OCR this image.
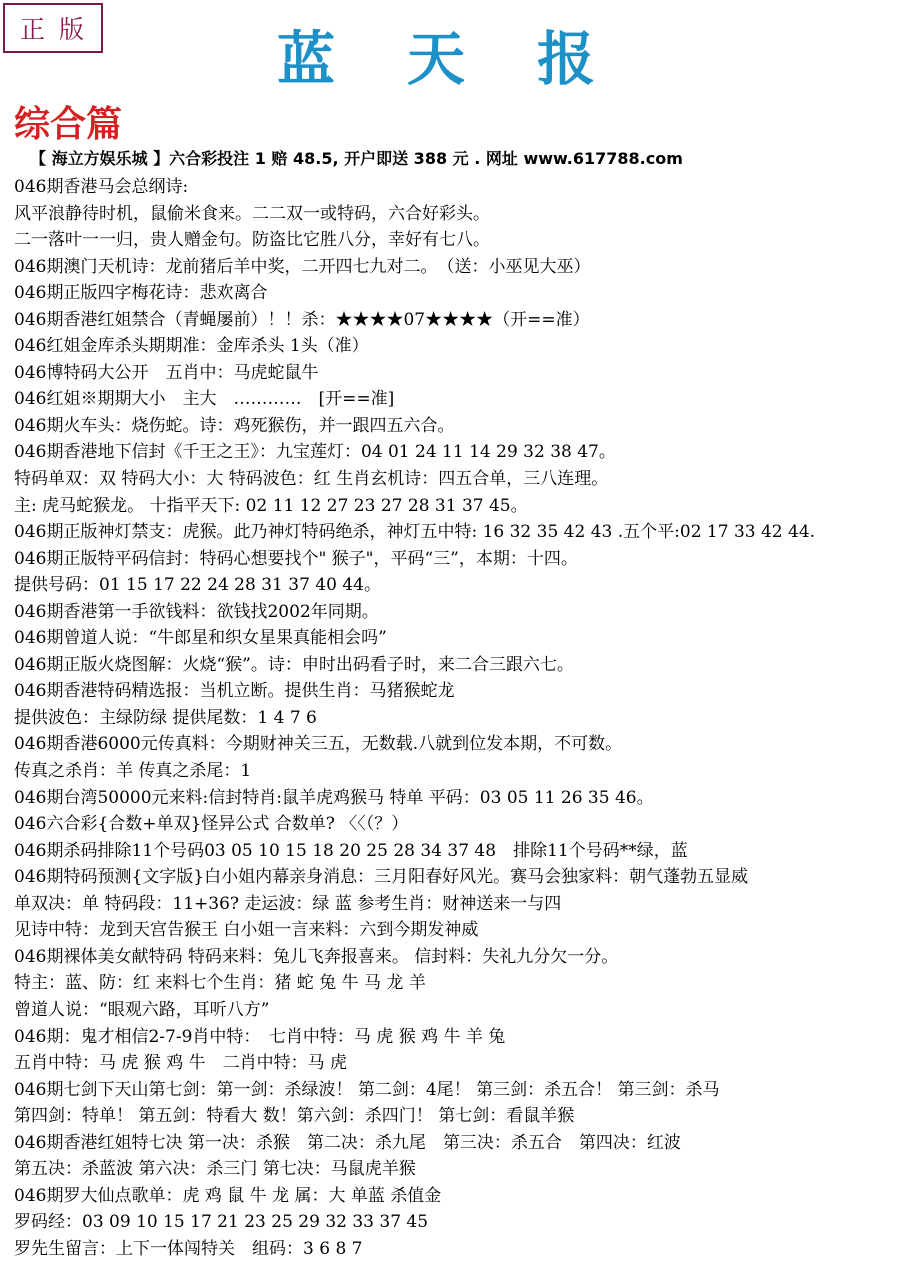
正版	蓝天报
综合篇
【 海立方娱乐城 】六合彩投注 1 赔 48.5, 开户即送 388 元 . 网址 www.617788.com
046期香港马会总纲诗:
风平浪静待时机，鼠偷米食来。二二双一或特码，六合好彩头。
二一落叶一一归，贵人赠金句。防盗比它胜八分，幸好有七八。
046期澳门天机诗：龙前猪后羊中奖，二开四七九对二。　（送：小巫见大巫）
046期正版四字梅花诗：悲欢离合
046期香港红姐禁合（青蝇屡前）！！杀：★★★★07★★★★（开==准）
046红姐金库杀头期期准：金库杀头 1头（准）
046博特码大公开　五肖中：马虎蛇鼠牛
046红姐※期期大小　主大　…………　[开==准]
046期火车头：烧伤蛇。诗：鸡死猴伤，并一跟四五六合。
046期香港地下信封《千王之王》：九宝莲灯：04 01 24 11 14 29 32 38 47。
特码单双：双 特码大小：大 特码波色：红 生肖玄机诗：四五合单，三八连理。
主: 虎马蛇猴龙。 十指平天下: 02 11 12 27 23 27 28 31 37 45。
046期正版神灯禁支：虎猴。此乃神灯特码绝杀，神灯五中特: 16 32 35 42 43 .五个平:02 17 33 42 44.
046期正版特平码信封：特码心想要找个" 猴子"，平码“三”，本期：十四。
提供号码：01 15 17 22 24 28 31 37 40 44。
046期香港第一手欲钱料：欲钱找2002年同期。
046期曾道人说：“牛郎星和织女星果真能相会吗”
046期正版火烧图解：火烧“猴”。诗：申时出码看子时，来二合三跟六七。
046期香港特码精选报：当机立断。提供生肖：马猪猴蛇龙
提供波色：主绿防绿 提供尾数：1 4 7 6
046期香港6000元传真料：今期财神关三五，无数载.八就到位发本期，不可数。
传真之杀肖：羊 传真之杀尾：1
046期台湾50000元来料:信封特肖:鼠羊虎鸡猴马 特单 平码：03 05 11 26 35 46。
046六合彩{合数+单双}怪异公式 合数单? 〈〈（？）
046期杀码排除11个号码03 05 10 15 18 20 25 28 34 37 48　排除11个号码**绿，蓝
046期特码预测{文字版}白小姐内幕亲身消息：三月阳春好风光。赛马会独家料：朝气蓬勃五显威
单双决：单 特码段：11+36? 走运波：绿 蓝 参考生肖：财神送来一与四
见诗中特：龙到天宫告猴王 白小姐一言来料：六到今期发神威
046期裸体美女献特码 特码来料：兔儿飞奔报喜来。 信封料：失礼九分欠一分。
特主：蓝、防：红 来料七个生肖：猪 蛇 兔 牛 马 龙 羊
曾道人说：“眼观六路，耳听八方”
046期：鬼才相信2-7-9肖中特：　七肖中特：马 虎 猴 鸡 牛 羊 兔
五肖中特：马 虎 猴 鸡 牛　二肖中特：马 虎
046期七剑下天山第七剑：第一剑：杀绿波！ 第二剑：4尾！ 第三剑：杀五合！ 第三剑：杀马
第四剑：特单！ 第五剑：特看大 数！第六剑：杀四门！ 第七剑：看鼠羊猴
046期香港红姐特七决 第一决：杀猴　第二决：杀九尾　第三决：杀五合　第四决：红波
第五决：杀蓝波 第六决：杀三门 第七决：马鼠虎羊猴
046期罗大仙点歌单：虎 鸡 鼠 牛 龙 属：大 单蓝 杀值金
罗码经：03 09 10 15 17 21 23 25 29 32 33 37 45
罗先生留言：上下一体闯特关　组码：3 6 8 7
